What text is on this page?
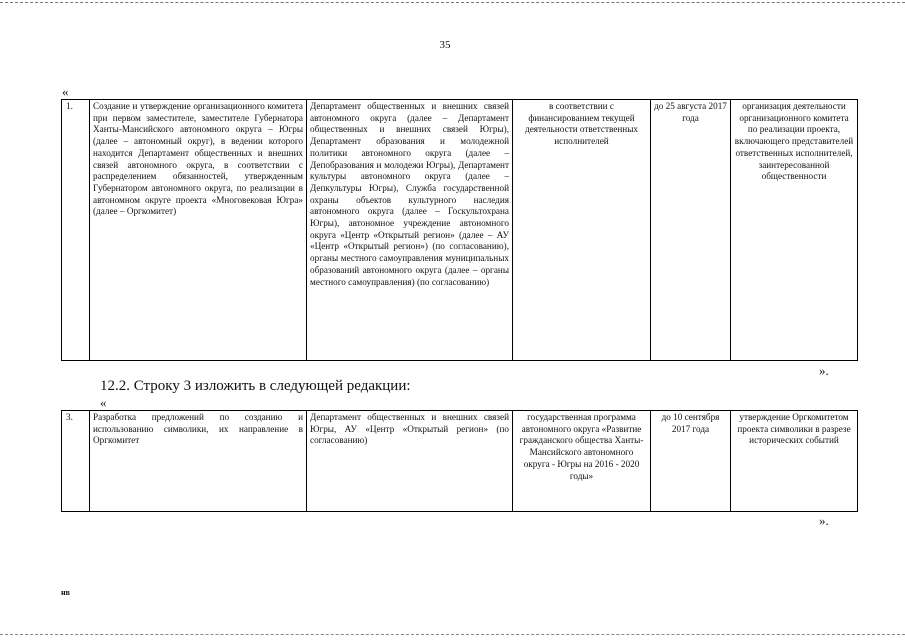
35
«
1.	Создание и утверждение организационного комитета при первом заместителе, заместителе Губернатора Ханты-Мансийского автономного округа – Югры (далее – автономный округ), в ведении которого находится Департамент общественных и внешних связей автономного округа, в соответствии с распределением обязанностей, утвержденным Губернатором автономного округа, по реализации в автономном округе проекта «Многовековая Югра» (далее – Оргкомитет)	Департамент общественных и внешних связей автономного округа (далее – Департамент общественных и внешних связей Югры), Департамент образования и молодежной политики автономного округа (далее – Депобразования и молодежи Югры), Департамент культуры автономного округа (далее – Депкультуры Югры), Служба государственной охраны объектов культурного наследия автономного округа (далее – Госкультохрана Югры), автономное учреждение автономного округа «Центр «Открытый регион» (далее – АУ «Центр «Открытый регион») (по согласованию), органы местного самоуправления муниципальных образований автономного округа (далее – органы местного самоуправления) (по согласованию)	в соответствии с финансированием текущей деятельности ответственных исполнителей	до 25 августа 2017 года	организация деятельности организационного комитета по реализации проекта, включающего представителей ответственных исполнителей, заинтересованной общественности
».
12.2. Строку 3 изложить в следующей редакции:
«
3.	Разработка предложений по созданию и использованию символики, их направление в Оргкомитет	Департамент общественных и внешних связей Югры, АУ «Центр «Открытый регион» (по согласованию)	государственная программа автономного округа «Развитие гражданского общества Ханты-Мансийского автономного округа - Югры на 2016 - 2020 годы»	до 10 сентября 2017 года	утверждение Оргкомитетом проекта символики в разрезе исторических событий
».
нв
